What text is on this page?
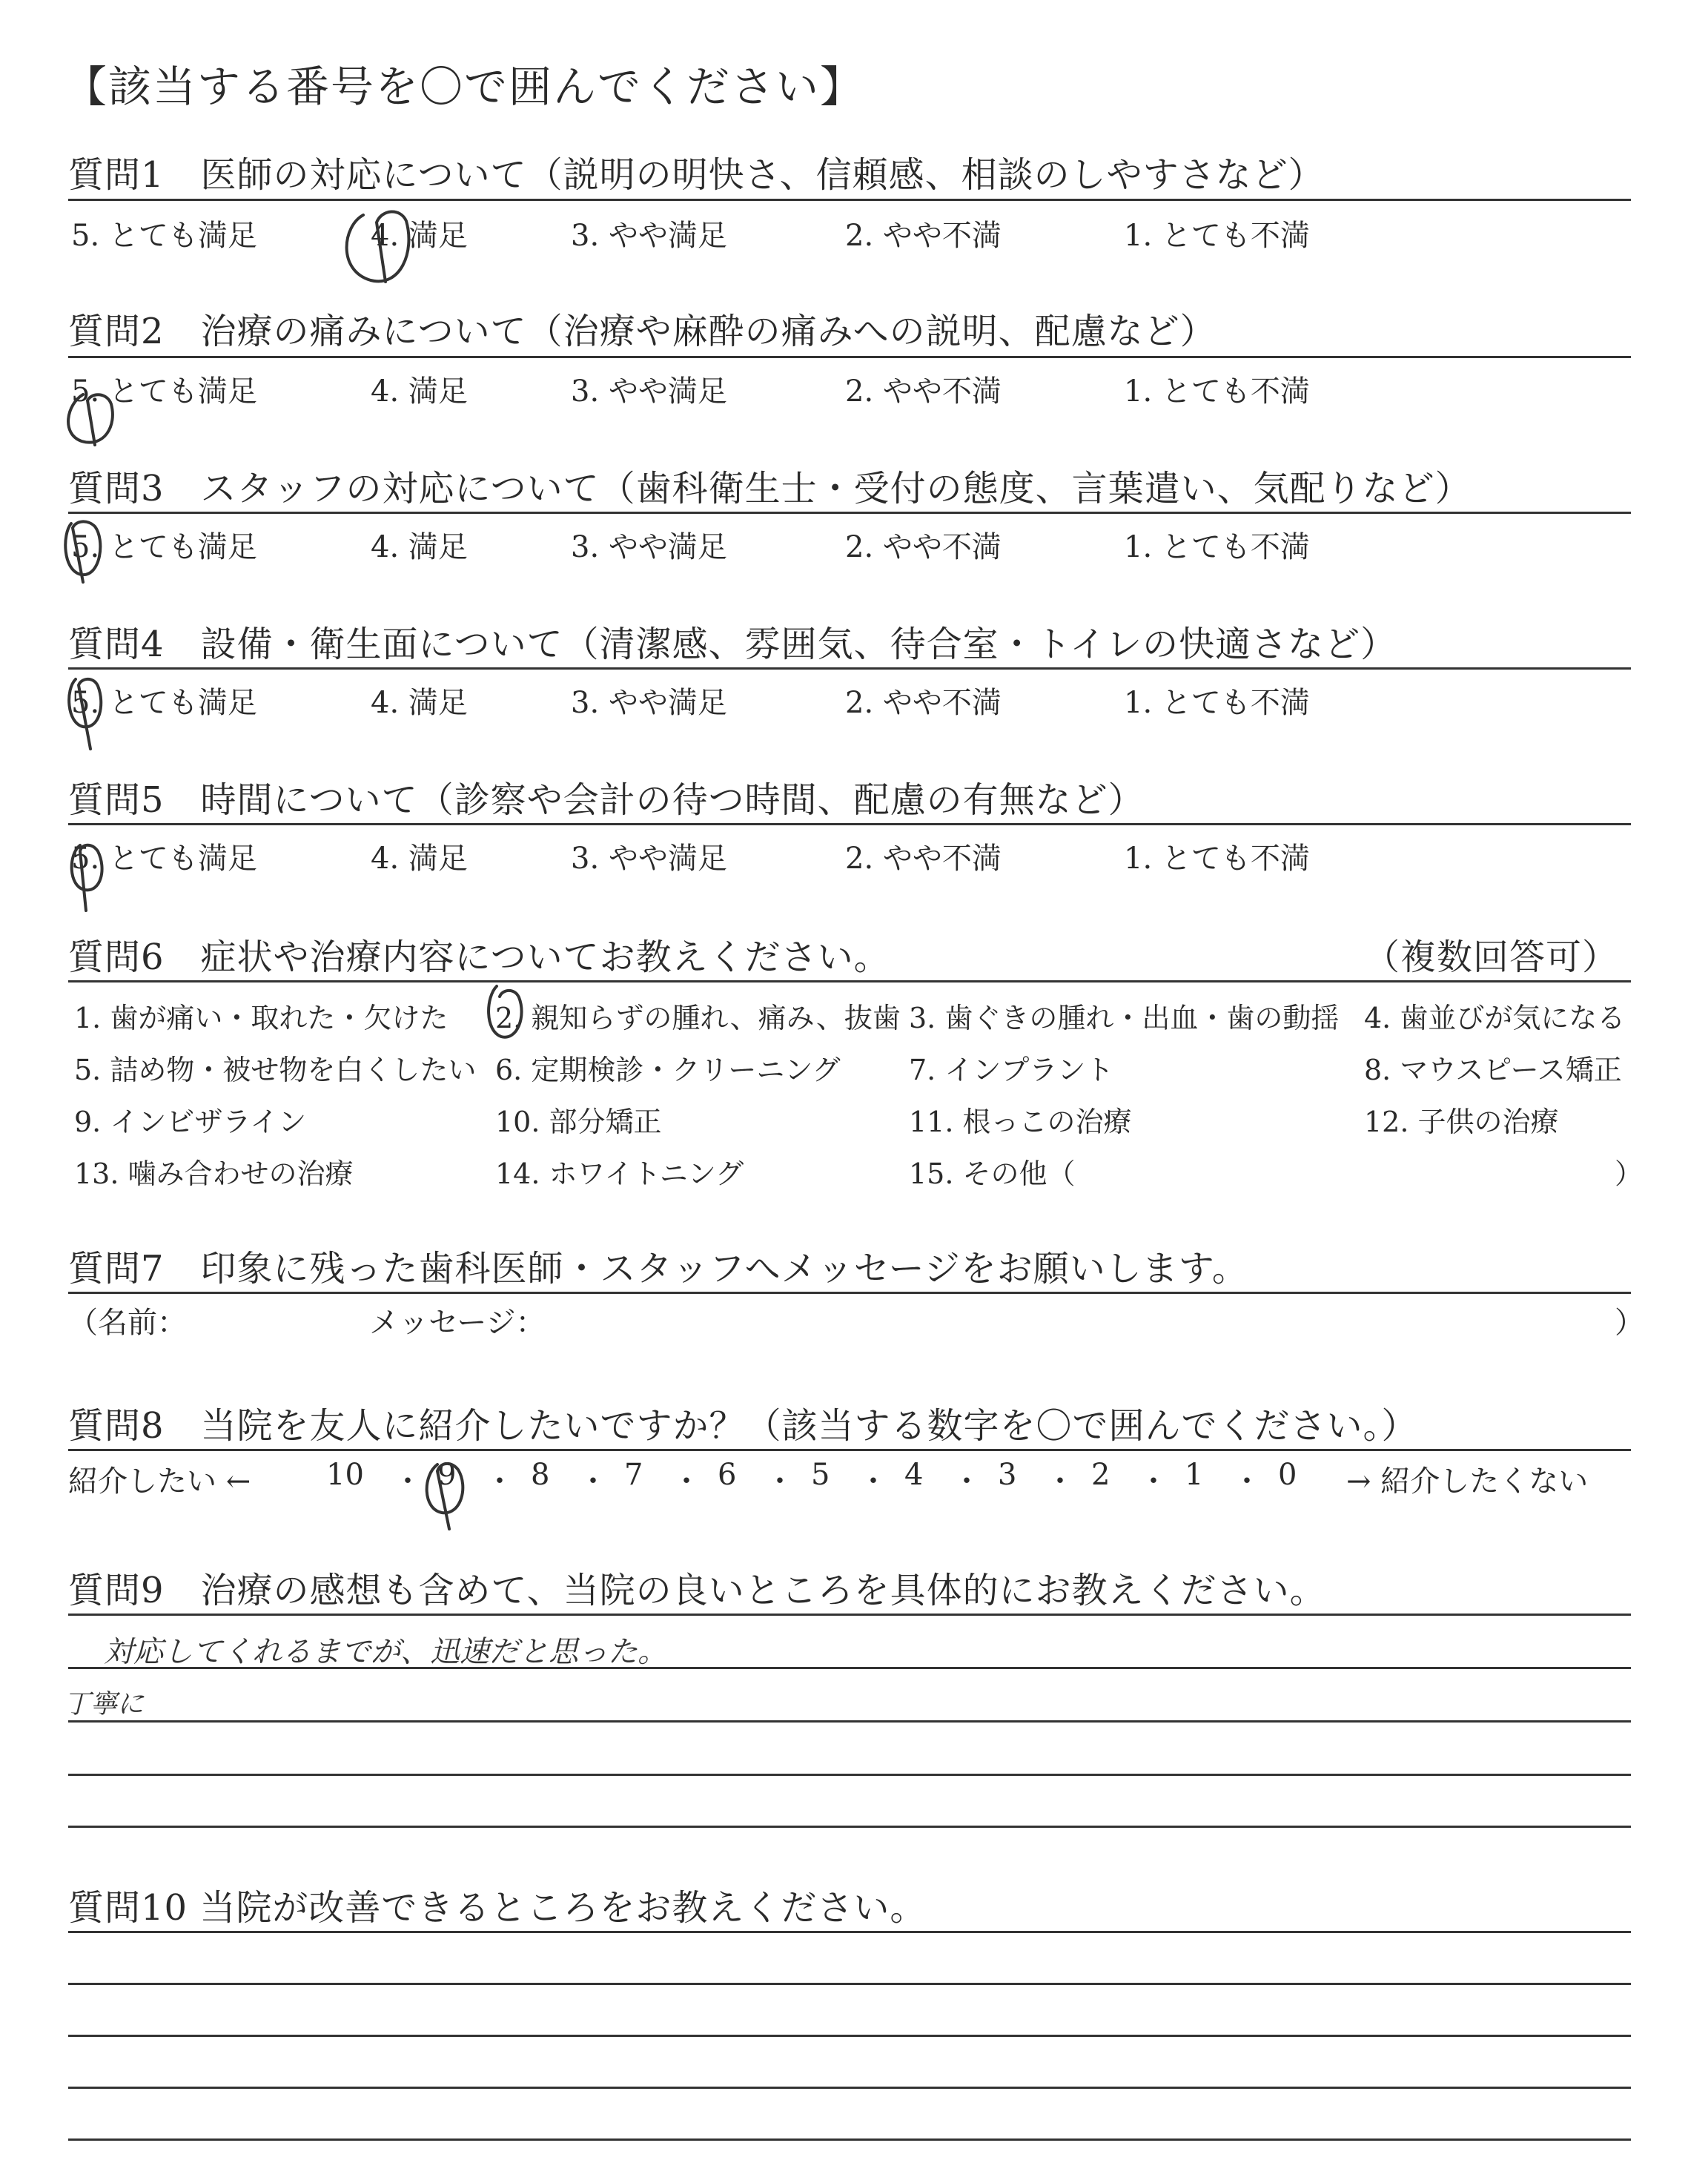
【該当する番号を〇で囲んでください】
質問1　医師の対応について（説明の明快さ、信頼感、相談のしやすさなど）
5. とても満足	4. 満足	3. やや満足	2. やや不満	1. とても不満
質問2　治療の痛みについて（治療や麻酔の痛みへの説明、配慮など）
5. とても満足	4. 満足	3. やや満足	2. やや不満	1. とても不満
質問3　スタッフの対応について（歯科衛生士・受付の態度、言葉遣い、気配りなど）
5. とても満足	4. 満足	3. やや満足	2. やや不満	1. とても不満
質問4　設備・衛生面について（清潔感、雰囲気、待合室・トイレの快適さなど）
5. とても満足	4. 満足	3. やや満足	2. やや不満	1. とても不満
質問5　時間について（診察や会計の待つ時間、配慮の有無など）
5. とても満足	4. 満足	3. やや満足	2. やや不満	1. とても不満
質問6　症状や治療内容についてお教えください。	（複数回答可）
1. 歯が痛い・取れた・欠けた 2. 親知らずの腫れ、痛み、抜歯 3. 歯ぐきの腫れ・出血・歯の動揺 4. 歯並びが気になる
5. 詰め物・被せ物を白くしたい 6. 定期検診・クリーニング 7. インプラント	8. マウスピース矯正
9. インビザライン	10. 部分矯正	11. 根っこの治療	12. 子供の治療
13. 噛み合わせの治療	14. ホワイトニング	15. その他（	）
質問7　印象に残った歯科医師・スタッフへメッセージをお願いします。
（名前：	メッセージ：	）
質問8　当院を友人に紹介したいですか？（該当する数字を〇で囲んでください。）
紹介したい ←	→ 紹介したくない
10 ・ 9 ・ 8 ・ 7 ・ 6 ・ 5 ・ 4 ・ 3 ・ 2 ・ 1 ・ 0
質問9　治療の感想も含めて、当院の良いところを具体的にお教えください。
対応してくれるまでが、迅速だと思った。
丁寧に
質問10 当院が改善できるところをお教えください。
